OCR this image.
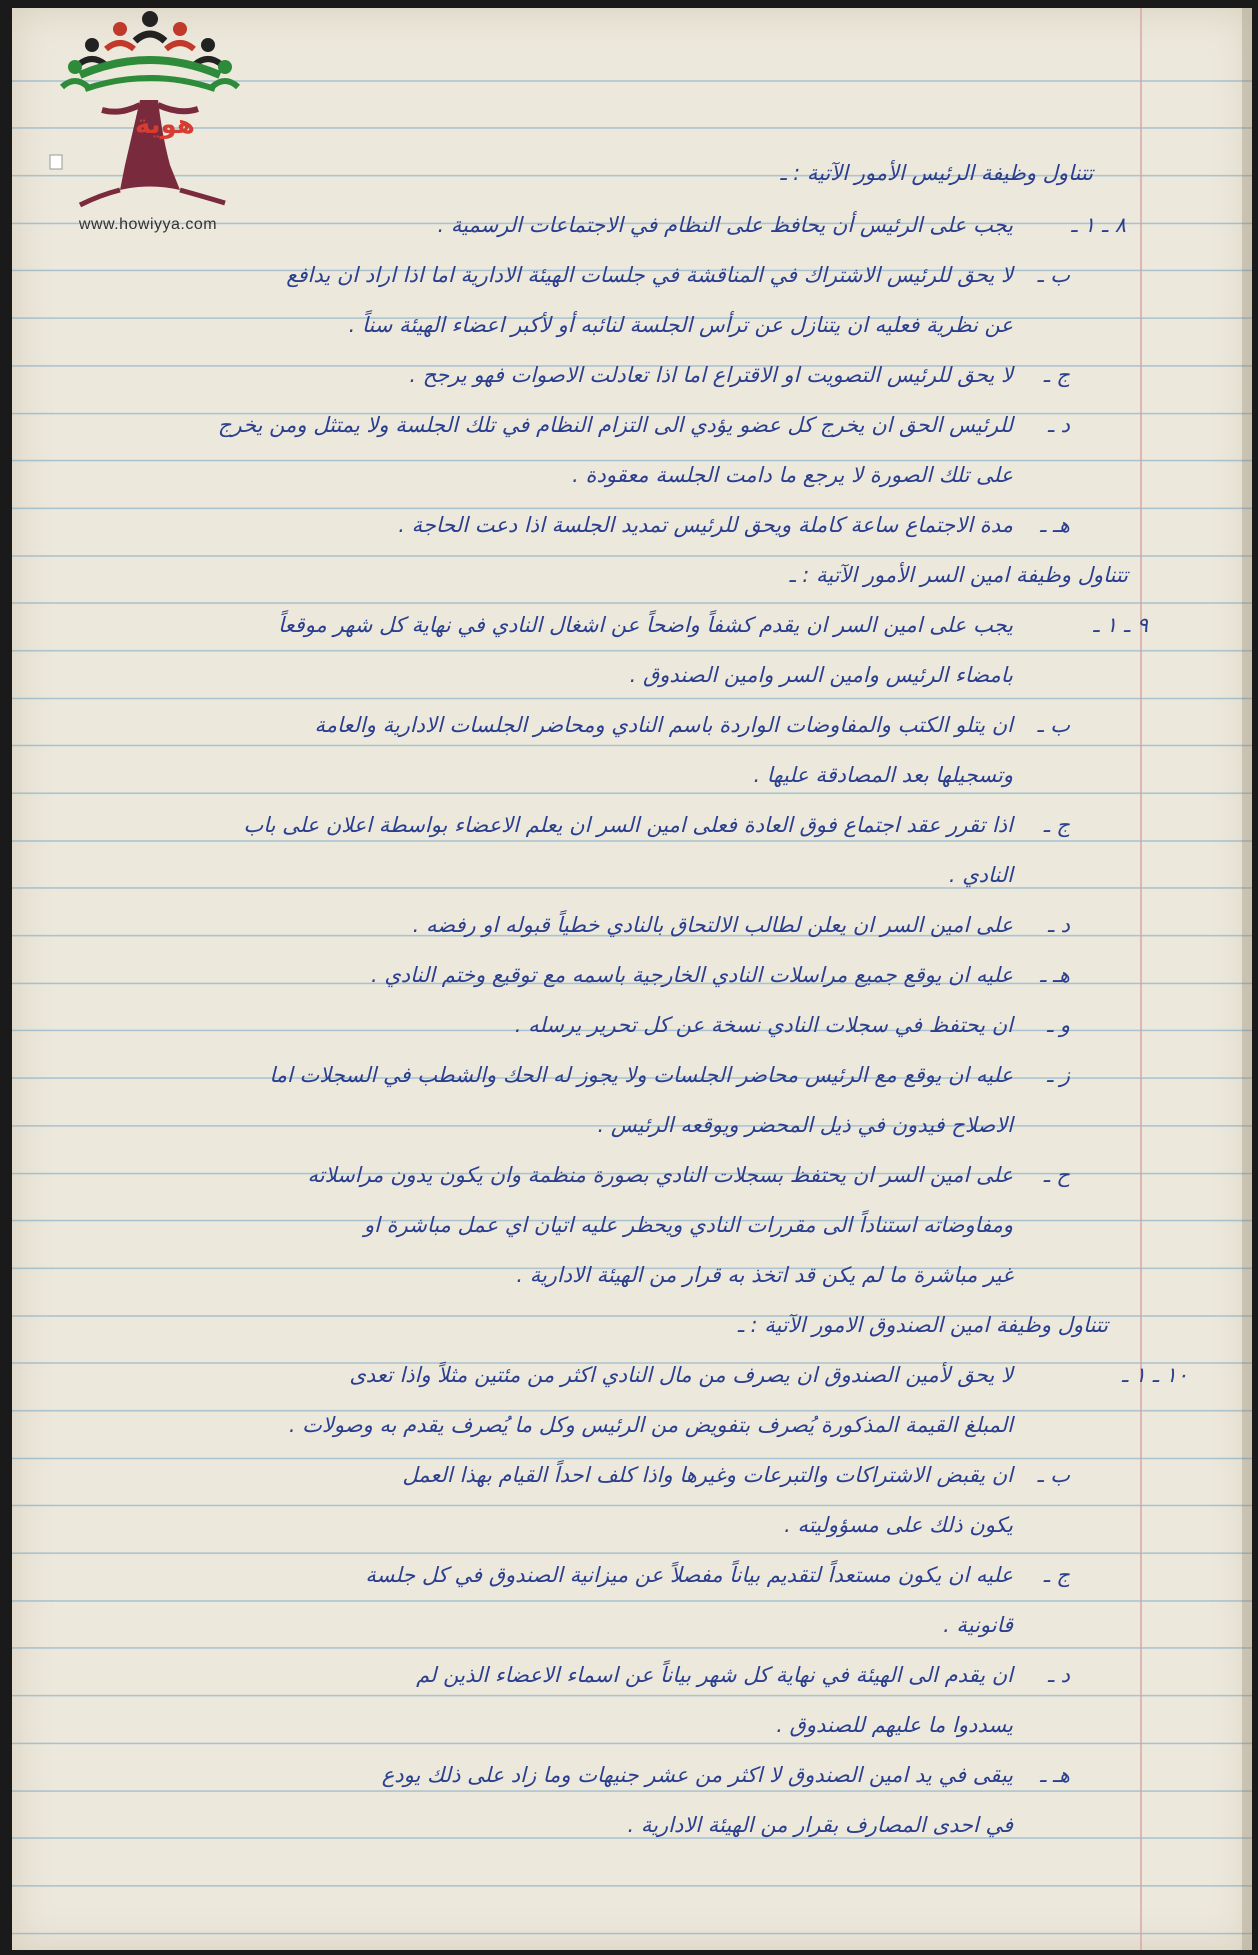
هوية
www.howiyya.com
تتناول وظيفة الرئيس الأمور الآتية : ـ
٨ ـ ١ ـ
يجب على الرئيس أن يحافظ على النظام في الاجتماعات الرسمية .
ب ـ
لا يحق للرئيس الاشتراك في المناقشة في جلسات الهيئة الادارية اما اذا اراد ان يدافع
عن نظرية فعليه ان يتنازل عن ترأس الجلسة لنائبه أو لأكبر اعضاء الهيئة سناً .
ج ـ
لا يحق للرئيس التصويت او الاقتراع اما اذا تعادلت الاصوات فهو يرجح .
د ـ
للرئيس الحق ان يخرج كل عضو يؤدي الى التزام النظام في تلك الجلسة ولا يمتثل ومن يخرج
على تلك الصورة لا يرجع ما دامت الجلسة معقودة .
هـ ـ
مدة الاجتماع ساعة كاملة ويحق للرئيس تمديد الجلسة اذا دعت الحاجة .
تتناول وظيفة امين السر الأمور الآتية : ـ
٩ ـ ١ ـ
يجب على امين السر ان يقدم كشفاً واضحاً عن اشغال النادي في نهاية كل شهر موقعاً
بامضاء الرئيس وامين السر وامين الصندوق .
ب ـ
ان يتلو الكتب والمفاوضات الواردة باسم النادي ومحاضر الجلسات الادارية والعامة
وتسجيلها بعد المصادقة عليها .
ج ـ
اذا تقرر عقد اجتماع فوق العادة فعلى امين السر ان يعلم الاعضاء بواسطة اعلان على باب
النادي .
د ـ
على امين السر ان يعلن لطالب الالتحاق بالنادي خطياً قبوله او رفضه .
هـ ـ
عليه ان يوقع جميع مراسلات النادي الخارجية باسمه مع توقيع وختم النادي .
و ـ
ان يحتفظ في سجلات النادي نسخة عن كل تحرير يرسله .
ز ـ
عليه ان يوقع مع الرئيس محاضر الجلسات ولا يجوز له الحك والشطب في السجلات اما
الاصلاح فيدون في ذيل المحضر ويوقعه الرئيس .
ح ـ
على امين السر ان يحتفظ بسجلات النادي بصورة منظمة وان يكون يدون مراسلاته
ومفاوضاته استناداً الى مقررات النادي ويحظر عليه اتيان اي عمل مباشرة او
غير مباشرة ما لم يكن قد اتخذ به قرار من الهيئة الادارية .
تتناول وظيفة امين الصندوق الامور الآتية : ـ
١٠ ـ ١ ـ
لا يحق لأمين الصندوق ان يصرف من مال النادي اكثر من مئتين مثلاً واذا تعدى
المبلغ القيمة المذكورة يُصرف بتفويض من الرئيس وكل ما يُصرف يقدم به وصولات .
ب ـ
ان يقبض الاشتراكات والتبرعات وغيرها واذا كلف احداً القيام بهذا العمل
يكون ذلك على مسؤوليته .
ج ـ
عليه ان يكون مستعداً لتقديم بياناً مفصلاً عن ميزانية الصندوق في كل جلسة
قانونية .
د ـ
ان يقدم الى الهيئة في نهاية كل شهر بياناً عن اسماء الاعضاء الذين لم
يسددوا ما عليهم للصندوق .
هـ ـ
يبقى في يد امين الصندوق لا اكثر من عشر جنيهات وما زاد على ذلك يودع
في احدى المصارف بقرار من الهيئة الادارية .
